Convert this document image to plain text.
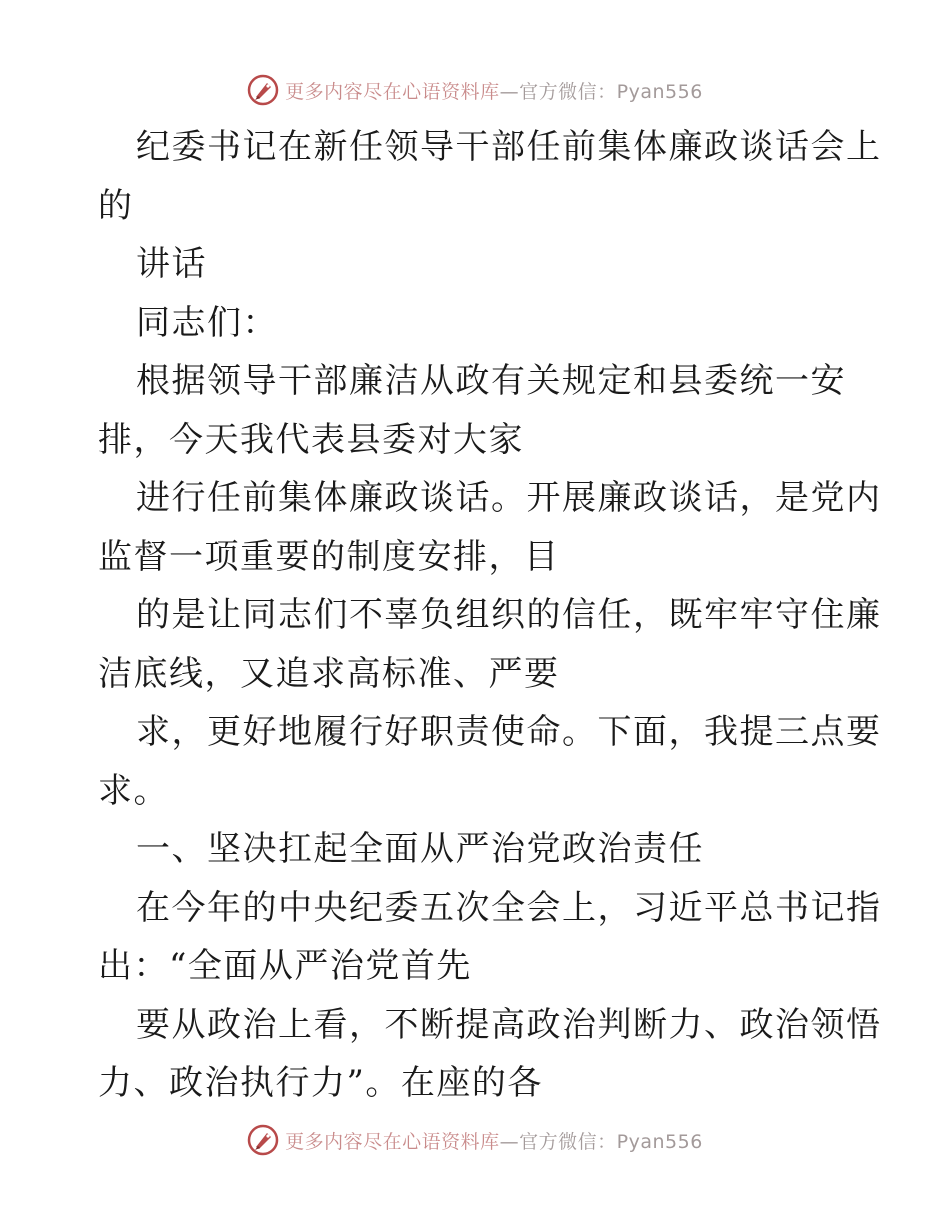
更多内容尽在心语资料库—官方微信：Pyan556
纪委书记在新任领导干部任前集体廉政谈话会上
的
讲话
同志们：
根据领导干部廉洁从政有关规定和县委统一安
排，今天我代表县委对大家
进行任前集体廉政谈话。开展廉政谈话，是党内
监督一项重要的制度安排，目
的是让同志们不辜负组织的信任，既牢牢守住廉
洁底线，又追求高标准、严要
求，更好地履行好职责使命。下面，我提三点要
求。
一、坚决扛起全面从严治党政治责任
在今年的中央纪委五次全会上，习近平总书记指
出：“全面从严治党首先
要从政治上看，不断提高政治判断力、政治领悟
力、政治执行力”。在座的各
更多内容尽在心语资料库—官方微信：Pyan556
